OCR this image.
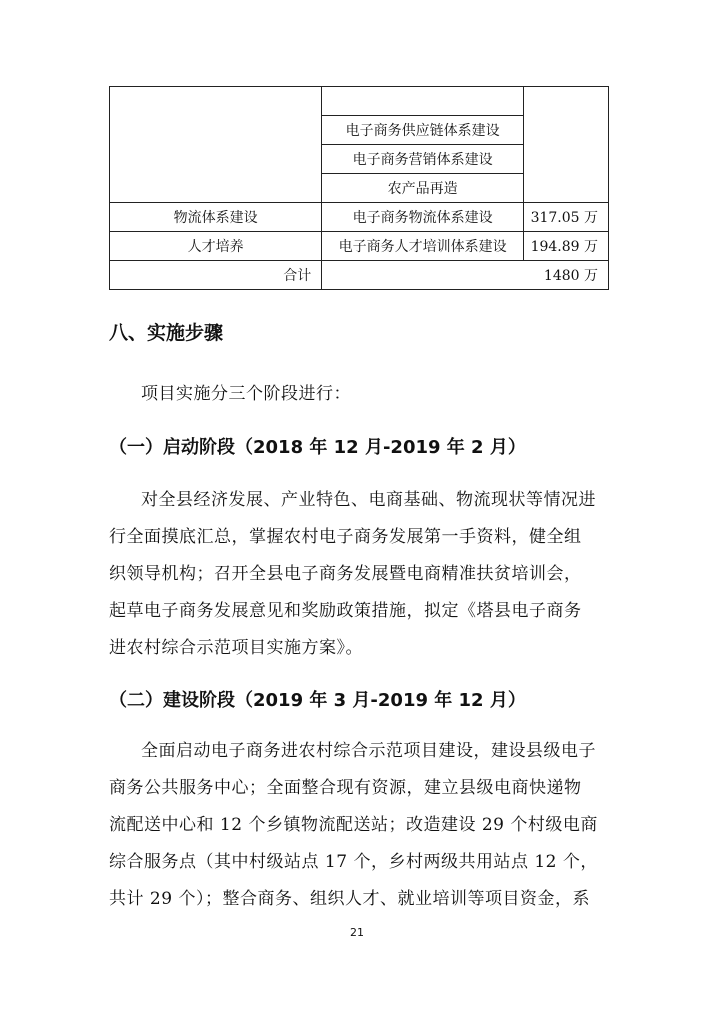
	电子商务供应链体系建设	
	电子商务营销体系建设	
	农产品再造	
物流体系建设	电子商务物流体系建设	317.05 万
人才培养	电子商务人才培训体系建设	194.89 万
合计	1480 万	
八、实施步骤
项目实施分三个阶段进行：
（一）启动阶段（2018 年 12 月-2019 年 2 月）
对全县经济发展、产业特色、电商基础、物流现状等情况进
行全面摸底汇总，掌握农村电子商务发展第一手资料，健全组
织领导机构；召开全县电子商务发展暨电商精准扶贫培训会，
起草电子商务发展意见和奖励政策措施，拟定《塔县电子商务
进农村综合示范项目实施方案》。
（二）建设阶段（2019 年 3 月-2019 年 12 月）
全面启动电子商务进农村综合示范项目建设，建设县级电子
商务公共服务中心；全面整合现有资源，建立县级电商快递物
流配送中心和 12 个乡镇物流配送站；改造建设 29 个村级电商
综合服务点（其中村级站点 17 个，乡村两级共用站点 12 个，
共计 29 个）；整合商务、组织人才、就业培训等项目资金，系
21
